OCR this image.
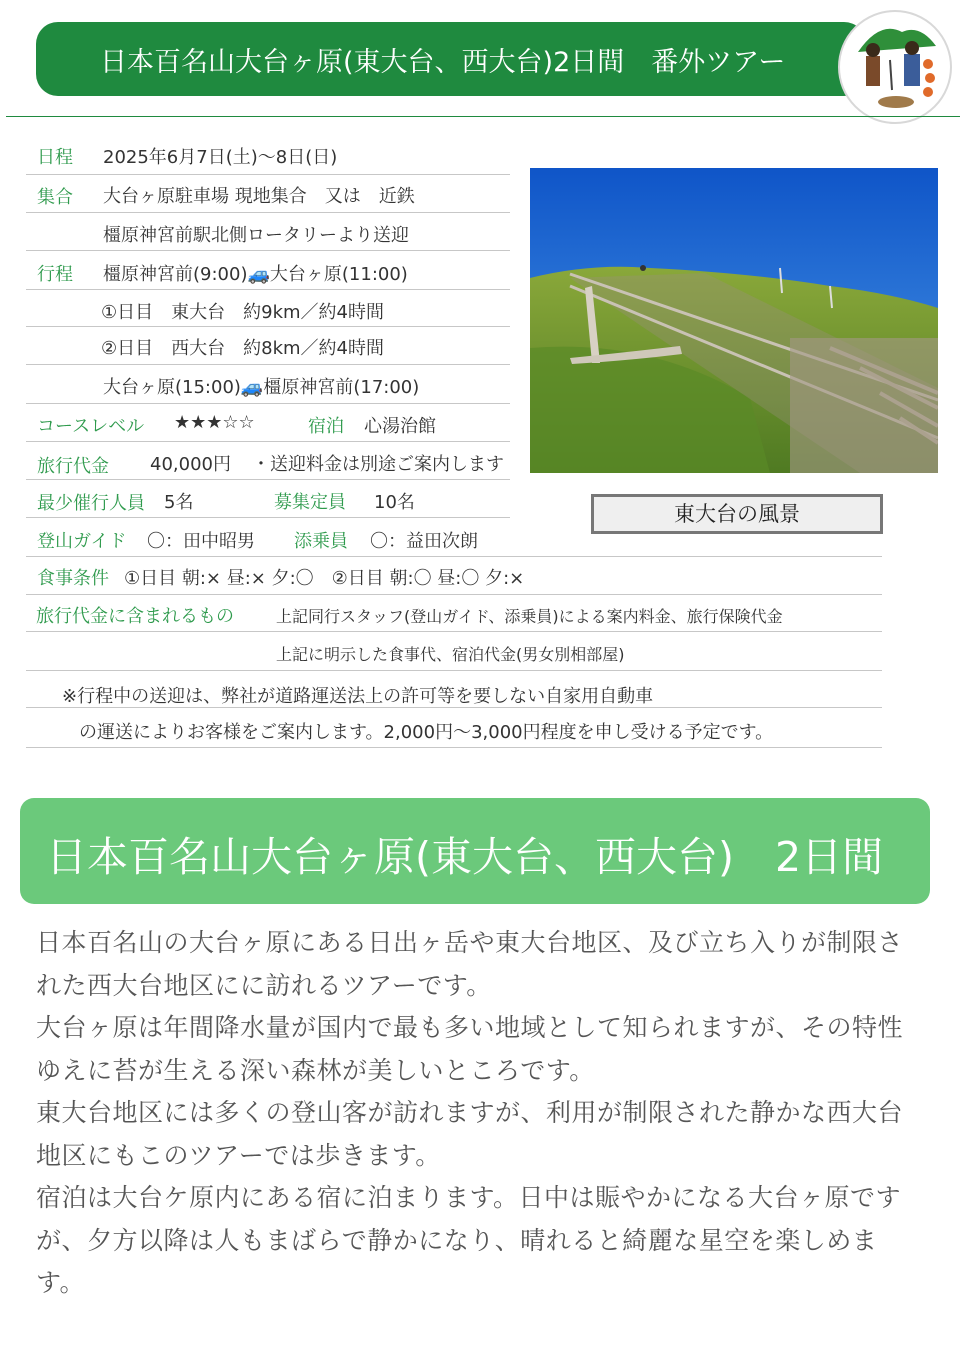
日本百名山大台ヶ原(東大台、西大台)2日間　番外ツアー
日程 2025年6月7日(土)〜8日(日)
集合 大台ヶ原駐車場 現地集合　又は　近鉄
橿原神宮前駅北側ロータリーより送迎
行程 橿原神宮前(9:00)🚙大台ヶ原(11:00)
①日目　東大台　約9km／約4時間
②日目　西大台　約8km／約4時間
大台ヶ原(15:00)🚙橿原神宮前(17:00)
コースレベル ★★★☆☆	宿泊 心湯治館
旅行代金 40,000円 ・送迎料金は別途ご案内します
最少催行人員 5名	募集定員 10名
登山ガイド 〇：田中昭男 添乗員 〇：益田次朗
食事条件 ①日目 朝:× 昼:× 夕:〇　②日目 朝:〇 昼:〇 夕:×
旅行代金に含まれるもの	上記同行スタッフ(登山ガイド、添乗員)による案内料金、旅行保険代金
上記に明示した食事代、宿泊代金(男女別相部屋)
※行程中の送迎は、弊社が道路運送法上の許可等を要しない自家用自動車
の運送によりお客様をご案内します。2,000円〜3,000円程度を申し受ける予定です。
東大台の風景
日本百名山大台ヶ原(東大台、西大台)　2日間

日本百名山の大台ヶ原にある日出ヶ岳や東大台地区、及び立ち入りが制限された西大台地区にに訪れるツアーです。

大台ヶ原は年間降水量が国内で最も多い地域として知られますが、その特性ゆえに苔が生える深い森林が美しいところです。

東大台地区には多くの登山客が訪れますが、利用が制限された静かな西大台地区にもこのツアーでは歩きます。

宿泊は大台ケ原内にある宿に泊まります。日中は賑やかになる大台ヶ原ですが、夕方以降は人もまばらで静かになり、晴れると綺麗な星空を楽しめます。
